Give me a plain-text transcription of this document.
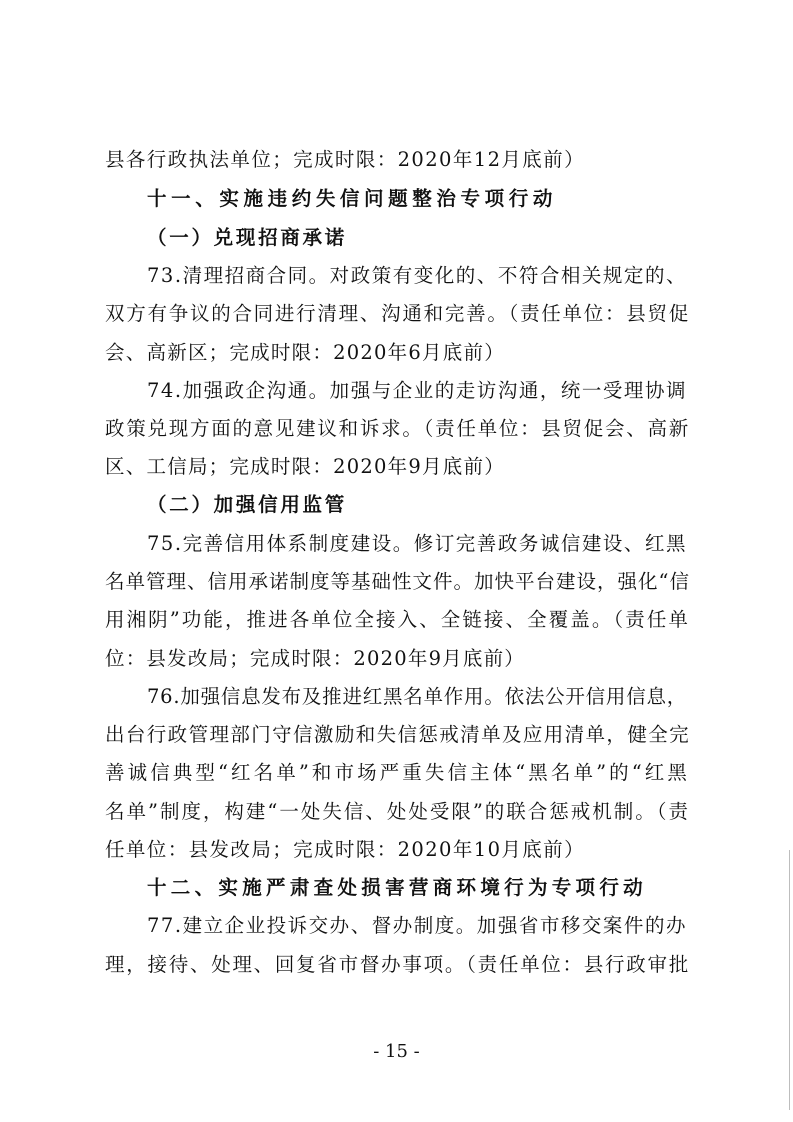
县各行政执法单位；完成时限：2020年12月底前）
十一、实施违约失信问题整治专项行动
（一）兑现招商承诺
73.清理招商合同。对政策有变化的、不符合相关规定的、
双方有争议的合同进行清理、沟通和完善。（责任单位：县贸促
会、高新区；完成时限：2020年6月底前）
74.加强政企沟通。加强与企业的走访沟通，统一受理协调
政策兑现方面的意见建议和诉求。（责任单位：县贸促会、高新
区、工信局；完成时限：2020年9月底前）
（二）加强信用监管
75.完善信用体系制度建设。修订完善政务诚信建设、红黑
名单管理、信用承诺制度等基础性文件。加快平台建设，强化“信
用湘阴”功能，推进各单位全接入、全链接、全覆盖。（责任单
位：县发改局；完成时限：2020年9月底前）
76.加强信息发布及推进红黑名单作用。依法公开信用信息，
出台行政管理部门守信激励和失信惩戒清单及应用清单，健全完
善诚信典型“红名单”和市场严重失信主体“黑名单”的“红黑
名单”制度，构建“一处失信、处处受限”的联合惩戒机制。（责
任单位：县发改局；完成时限：2020年10月底前）
十二、实施严肃查处损害营商环境行为专项行动
77.建立企业投诉交办、督办制度。加强省市移交案件的办
理，接待、处理、回复省市督办事项。（责任单位：县行政审批
- 15 -
